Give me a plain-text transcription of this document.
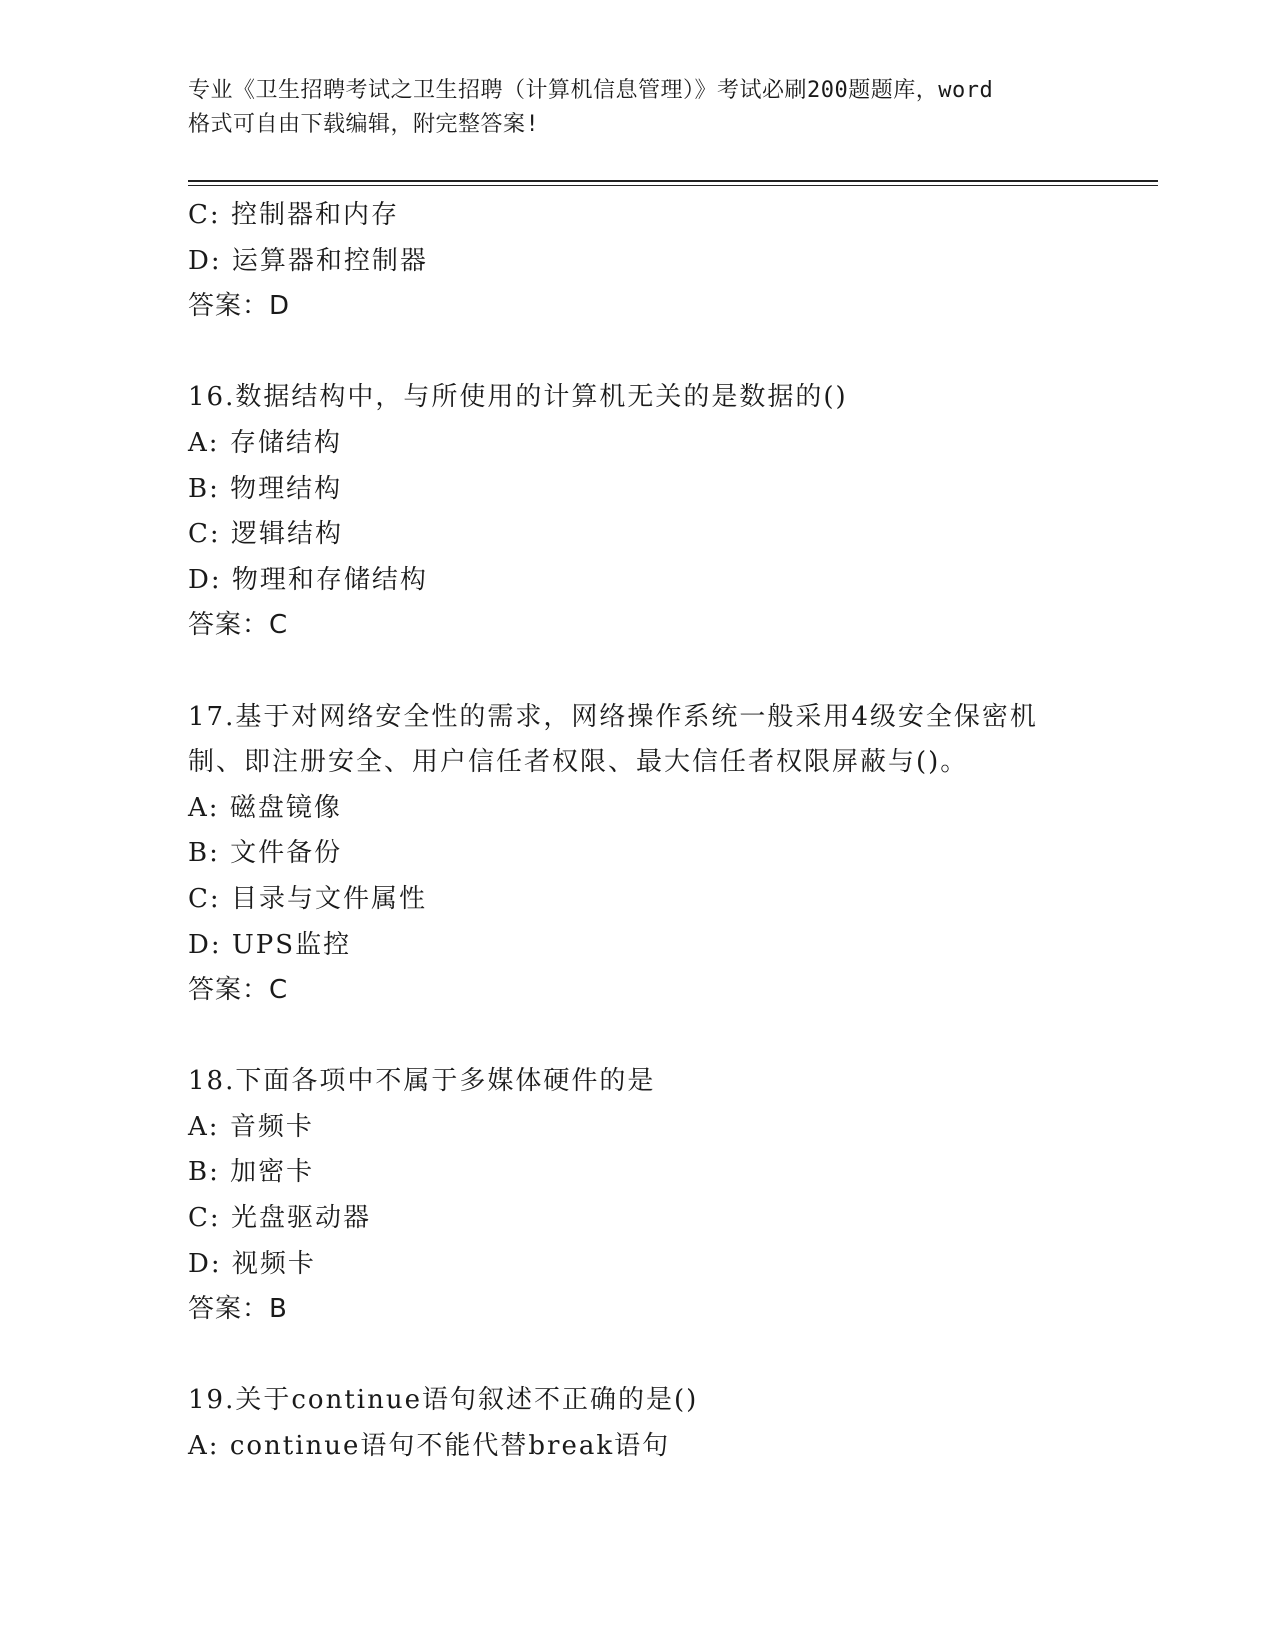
专业《卫生招聘考试之卫生招聘（计算机信息管理）》考试必刷200题题库，word
格式可自由下载编辑，附完整答案!
C: 控制器和内存
D: 运算器和控制器
答案：D
16.数据结构中，与所使用的计算机无关的是数据的()
A: 存储结构
B: 物理结构
C: 逻辑结构
D: 物理和存储结构
答案：C
17.基于对网络安全性的需求，网络操作系统一般采用4级安全保密机
制、即注册安全、用户信任者权限、最大信任者权限屏蔽与()。
A: 磁盘镜像
B: 文件备份
C: 目录与文件属性
D: UPS监控
答案：C
18.下面各项中不属于多媒体硬件的是
A: 音频卡
B: 加密卡
C: 光盘驱动器
D: 视频卡
答案：B
19.关于continue语句叙述不正确的是()
A: continue语句不能代替break语句
